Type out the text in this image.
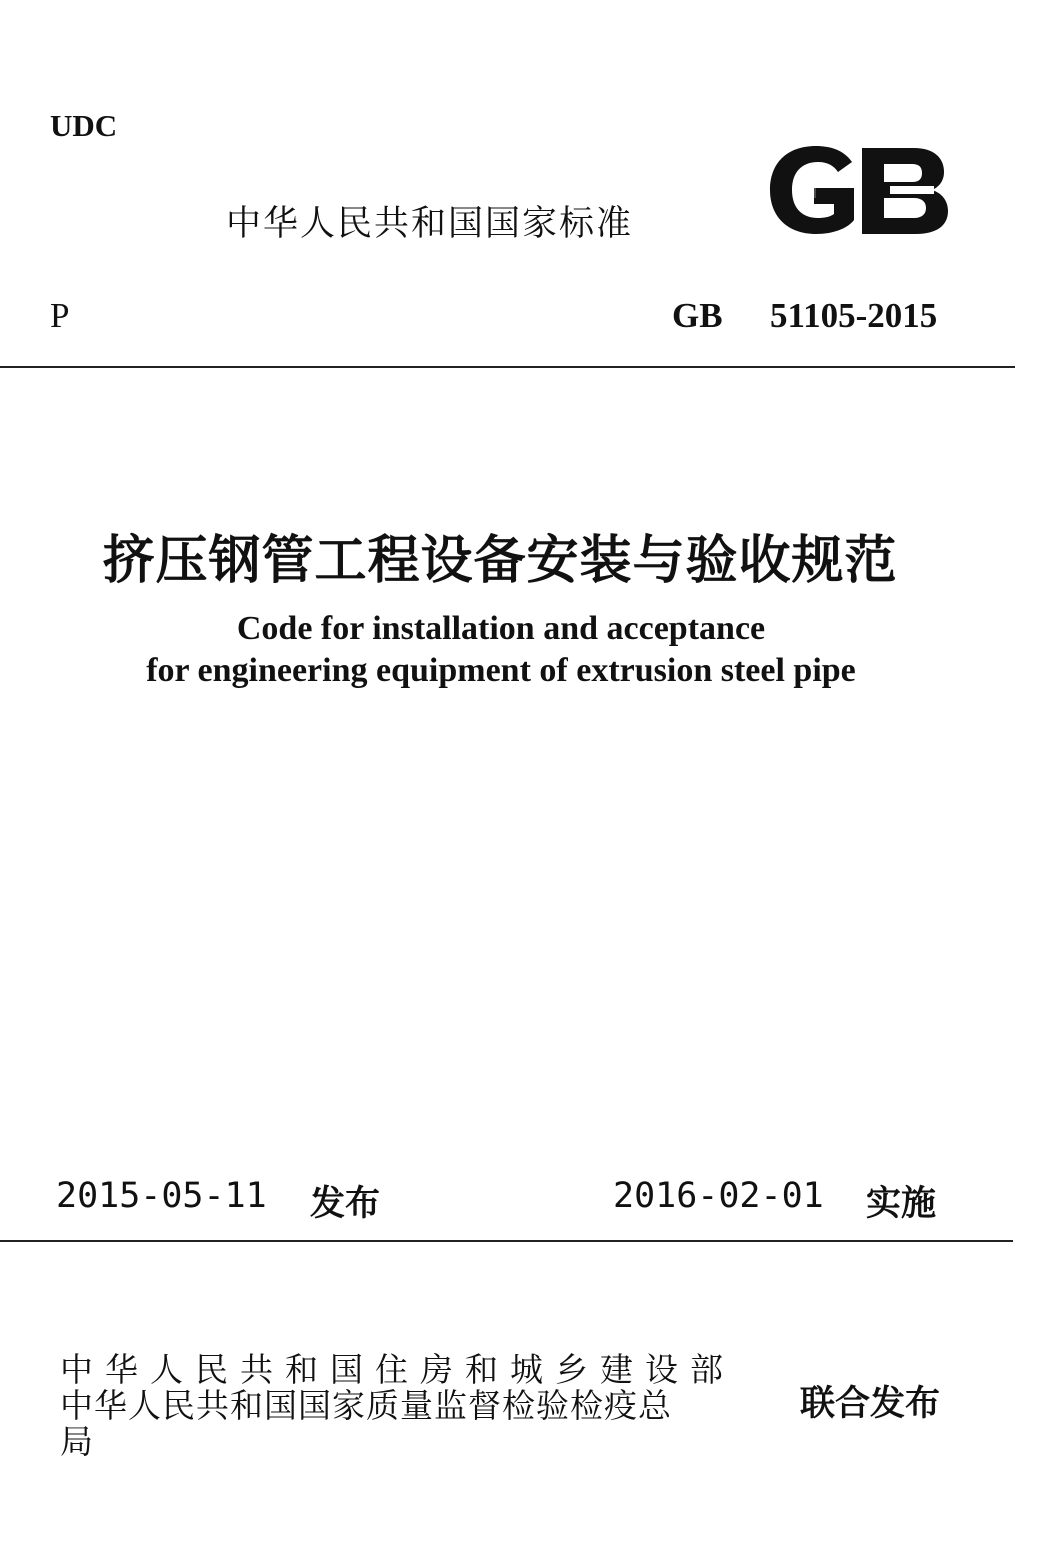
UDC
中华人民共和国国家标准
P	GB 51105-2015
挤压钢管工程设备安装与验收规范
Code for installation and acceptance
for engineering equipment of extrusion steel pipe
2015-05-11 发布	2016-02-01 实施
中华人民共和国住房和城乡建设部
中华人民共和国国家质量监督检验检疫总
局
联合发布
